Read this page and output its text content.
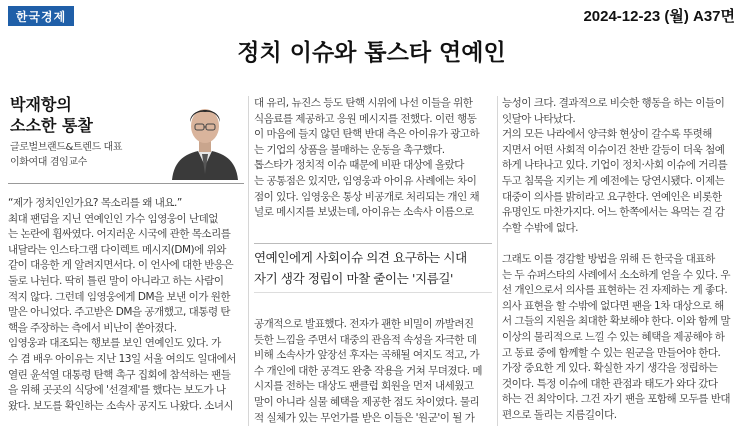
한국경제	2024-12-23 (월) A37면
정치 이슈와 톱스타 연예인
박재항의
소소한 통찰
글로벌브랜드&트렌드 대표
이화여대 겸임교수

“제가 정치인인가요? 목소리를 왜 내요.”

최대 팬덤을 지닌 연예인인 가수 임영웅이 난데없

는 논란에 휩싸였다. 어지러운 시국에 관한 목소리를

내달라는 인스타그램 다이렉트 메시지(DM)에 위와

같이 대응한 게 알려지면서다. 이 언사에 대한 반응은

둘로 나뉜다. 딱히 틀린 말이 아니라고 하는 사람이

적지 않다. 그런데 임영웅에게 DM을 보낸 이가 원한

말은 아니었다. 주고받은 DM을 공개했고, 대통령 탄

핵을 주장하는 측에서 비난이 쏟아졌다.

임영웅과 대조되는 행보를 보인 연예인도 있다. 가

수 겸 배우 아이유는 지난 13일 서울 여의도 일대에서

열린 윤석열 대통령 탄핵 촉구 집회에 참석하는 팬들

을 위해 곳곳의 식당에 '선결제'를 했다는 보도가 나

왔다. 보도를 확인하는 소속사 공지도 나왔다. 소녀시

대 유리, 뉴진스 등도 탄핵 시위에 나선 이들을 위한

식음료를 제공하고 응원 메시지를 전했다. 이런 행동

이 마음에 들지 않던 탄핵 반대 측은 아이유가 광고하

는 기업의 상품을 불매하는 운동을 촉구했다.

톱스타가 정치적 이슈 때문에 비판 대상에 올랐다

는 공통점은 있지만, 임영웅과 아이유 사례에는 차이

점이 있다. 임영웅은 통상 비공개로 처리되는 개인 채

널로 메시지를 보냈는데, 아이유는 소속사 이름으로

연예인에게 사회이슈 의견 요구하는 시대

자기 생각 정립이 마찰 줄이는 '지름길'

공개적으로 발표했다. 전자가 괜한 비밀이 까발려진

듯한 느낌을 주면서 대중의 관음적 속성을 자극한 데

비해 소속사가 앞장선 후자는 곡해될 여지도 적고, 가

수 개인에 대한 공격도 완충 작용을 거쳐 무뎌졌다. 메

시지를 전하는 대상도 팬클럽 회원을 먼저 내세웠고

말이 아니라 실물 혜택을 제공한 점도 차이였다. 물리

적 실체가 있는 무언가를 받은 이들은 '원군'이 될 가

능성이 크다. 결과적으로 비슷한 행동을 하는 이들이

잇달아 나타났다.

거의 모든 나라에서 양극화 현상이 갈수록 뚜렷해

지면서 어떤 사회적 이슈이건 찬반 갈등이 더욱 첨예

하게 나타나고 있다. 기업이 정치·사회 이슈에 거리를

두고 침묵을 지키는 게 예전에는 당연시됐다. 이제는

대중이 의사를 밝히라고 요구한다. 연예인은 비롯한

유명인도 마찬가지다. 어느 한쪽에서는 욕먹는 걸 감

수할 수밖에 없다.

그래도 이를 경감할 방법을 위해 든 한국을 대표하

는 두 슈퍼스타의 사례에서 소소하게 얻을 수 있다. 우

선 개인으로서 의사를 표현하는 건 자제하는 게 좋다.

의사 표현을 할 수밖에 없다면 팬을 1차 대상으로 해

서 그들의 지원을 최대한 확보해야 한다. 이와 함께 말

이상의 물리적으로 느낄 수 있는 혜택을 제공해야 하

고 동료 중에 함께할 수 있는 원군을 만들어야 한다.

가장 중요한 게 있다. 확실한 자기 생각을 정립하는

것이다. 특정 이슈에 대한 관점과 태도가 와다 갔다

하는 건 최악이다. 그건 자기 팬을 포함해 모두를 반대

편으로 돌리는 지름길이다.
